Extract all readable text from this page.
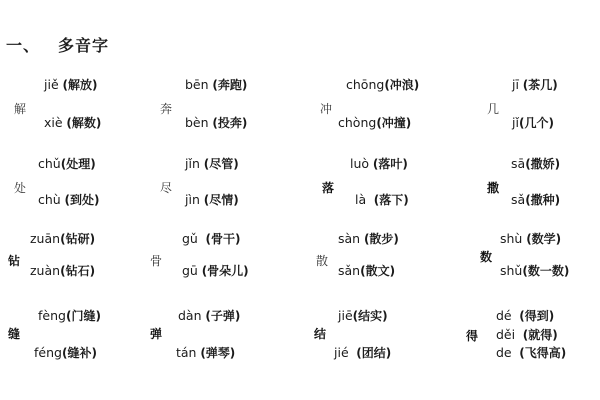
一、 多音字
解
jiě (解放)
xiè (解数)
奔
bēn (奔跑)
bèn (投奔)
冲
chōng(冲浪)
chòng(冲撞)
几
jī (茶几)
jǐ(几个)
处
chǔ(处理)
chù (到处)
尽
jǐn (尽管)
jìn (尽情)
落
luò (落叶)
là (落下)
撒
sā(撒娇)
sǎ(撒种)
钻
zuān(钻研)
zuàn(钻石)
骨
gǔ (骨干)
gū (骨朵儿)
散
sàn (散步)
sǎn(散文)
数
shù (数学)
shǔ(数一数)
缝
fèng(门缝)
féng(缝补)
弹
dàn (子弹)
tán (弹琴)
结
jiē(结实)
jié (团结)
得
dé (得到)
děi (就得)
de (飞得高)
